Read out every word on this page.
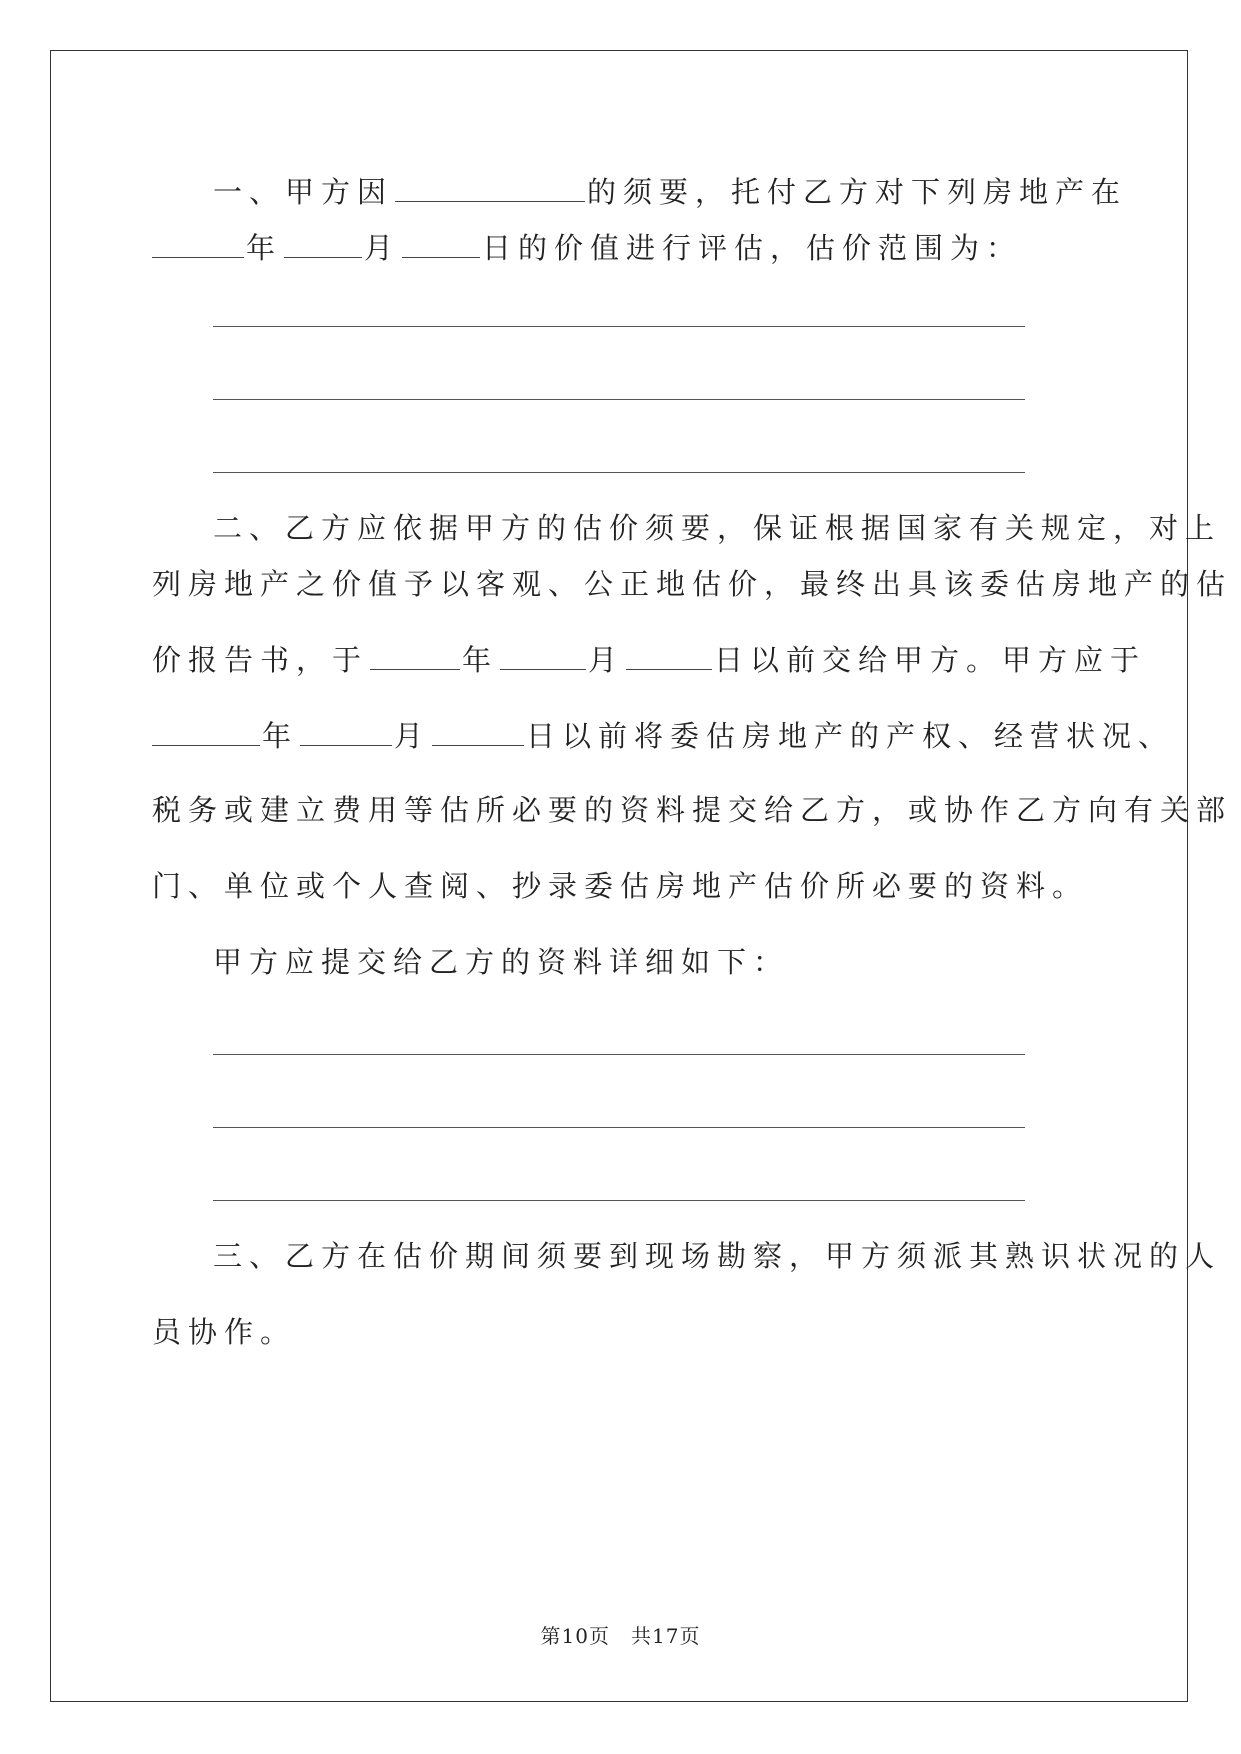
一、甲方因	的须要，托付乙方对下列房地产在
年	月	日的价值进行评估，估价范围为：
二、乙方应依据甲方的估价须要，保证根据国家有关规定，对上
列房地产之价值予以客观、公正地估价，最终出具该委估房地产的估
价报告书，于	年	月	日以前交给甲方。甲方应于
年	月	日以前将委估房地产的产权、经营状况、
税务或建立费用等估所必要的资料提交给乙方，或协作乙方向有关部
门、单位或个人查阅、抄录委估房地产估价所必要的资料。
甲方应提交给乙方的资料详细如下：
三、乙方在估价期间须要到现场勘察，甲方须派其熟识状况的人
员协作。
第10页　共17页
